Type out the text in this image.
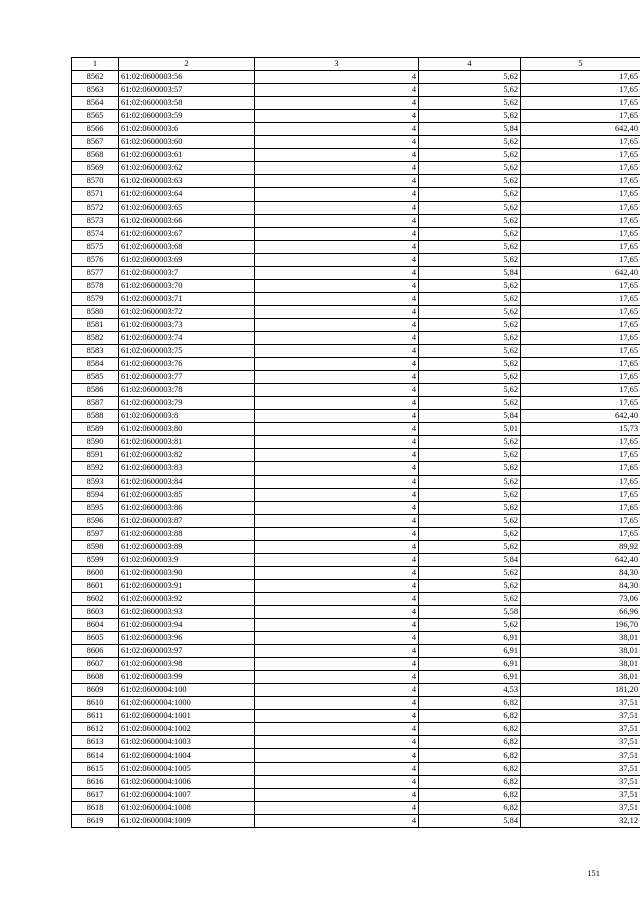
1	2	3	4	5
8562	61:02:0600003:56	4	5,62	17,65
8563	61:02:0600003:57	4	5,62	17,65
8564	61:02:0600003:58	4	5,62	17,65
8565	61:02:0600003:59	4	5,62	17,65
8566	61:02:0600003:6	4	5,84	642,40
8567	61:02:0600003:60	4	5,62	17,65
8568	61:02:0600003:61	4	5,62	17,65
8569	61:02:0600003:62	4	5,62	17,65
8570	61:02:0600003:63	4	5,62	17,65
8571	61:02:0600003:64	4	5,62	17,65
8572	61:02:0600003:65	4	5,62	17,65
8573	61:02:0600003:66	4	5,62	17,65
8574	61:02:0600003:67	4	5,62	17,65
8575	61:02:0600003:68	4	5,62	17,65
8576	61:02:0600003:69	4	5,62	17,65
8577	61:02:0600003:7	4	5,84	642,40
8578	61:02:0600003:70	4	5,62	17,65
8579	61:02:0600003:71	4	5,62	17,65
8580	61:02:0600003:72	4	5,62	17,65
8581	61:02:0600003:73	4	5,62	17,65
8582	61:02:0600003:74	4	5,62	17,65
8583	61:02:0600003:75	4	5,62	17,65
8584	61:02:0600003:76	4	5,62	17,65
8585	61:02:0600003:77	4	5,62	17,65
8586	61:02:0600003:78	4	5,62	17,65
8587	61:02:0600003:79	4	5,62	17,65
8588	61:02:0600003:8	4	5,84	642,40
8589	61:02:0600003:80	4	5,01	15,73
8590	61:02:0600003:81	4	5,62	17,65
8591	61:02:0600003:82	4	5,62	17,65
8592	61:02:0600003:83	4	5,62	17,65
8593	61:02:0600003:84	4	5,62	17,65
8594	61:02:0600003:85	4	5,62	17,65
8595	61:02:0600003:86	4	5,62	17,65
8596	61:02:0600003:87	4	5,62	17,65
8597	61:02:0600003:88	4	5,62	17,65
8598	61:02:0600003:89	4	5,62	89,92
8599	61:02:0600003:9	4	5,84	642,40
8600	61:02:0600003:90	4	5,62	84,30
8601	61:02:0600003:91	4	5,62	84,30
8602	61:02:0600003:92	4	5,62	73,06
8603	61:02:0600003:93	4	5,58	66,96
8604	61:02:0600003:94	4	5,62	196,70
8605	61:02:0600003:96	4	6,91	38,01
8606	61:02:0600003:97	4	6,91	38,01
8607	61:02:0600003:98	4	6,91	38,01
8608	61:02:0600003:99	4	6,91	38,01
8609	61:02:0600004:100	4	4,53	181,20
8610	61:02:0600004:1000	4	6,82	37,51
8611	61:02:0600004:1001	4	6,82	37,51
8612	61:02:0600004:1002	4	6,82	37,51
8613	61:02:0600004:1003	4	6,82	37,51
8614	61:02:0600004:1004	4	6,82	37,51
8615	61:02:0600004:1005	4	6,82	37,51
8616	61:02:0600004:1006	4	6,82	37,51
8617	61:02:0600004:1007	4	6,82	37,51
8618	61:02:0600004:1008	4	6,82	37,51
8619	61:02:0600004:1009	4	5,84	32,12
151
